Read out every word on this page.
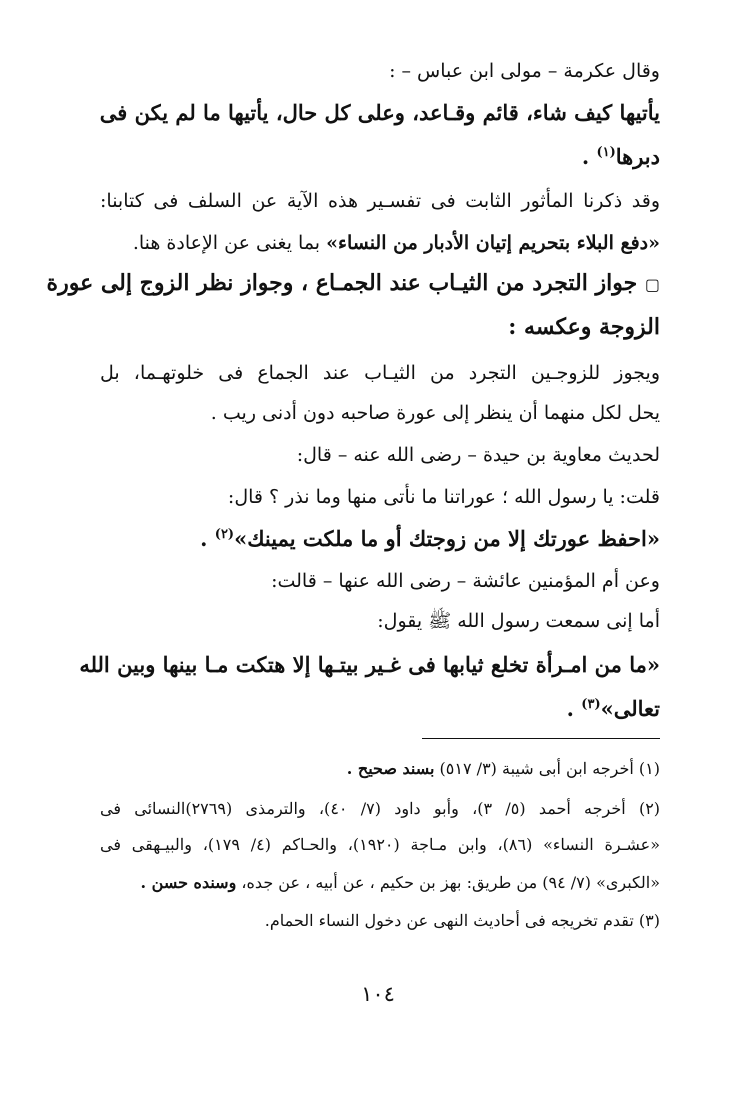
وقال عكرمة – مولى ابن عباس – :
يأتيها كيف شاء، قائم وقـاعد، وعلى كل حال، يأتيها ما لم يكن فى
دبرها$^{(١)}$ .
وقد ذكرنا المأثور الثابت فى تفسـير هذه الآية عن السلف فى كتابنا:
«دفع البلاء بتحريم إتيان الأدبار من النساء» بما يغنى عن الإعادة هنا.
▢ جواز التجرد من الثيـاب عند الجمـاع ، وجواز نظر الزوج إلى عورة
الزوجة وعكسه :
ويجوز للزوجـين التجرد من الثيـاب عند الجماع فى خلوتهـما، بل
يحل لكل منهما أن ينظر إلى عورة صاحبه دون أدنى ريب .
لحديث معاوية بن حيدة – رضى الله عنه – قال:
قلت: يا رسول الله ؛ عوراتنا ما نأتى منها وما نذر ؟ قال:
«احفظ عورتك إلا من زوجتك أو ما ملكت يمينك»$^{(٢)}$ .
وعن أم المؤمنين عائشة – رضى الله عنها – قالت:
أما إنى سمعت رسول الله ﷺ يقول:
«ما من امـرأة تخلع ثيابها فى غـير بيتـها إلا هتكت مـا بينها وبين الله
تعالى»$^{(٣)}$ .
(١) أخرجه ابن أبى شيبة (٣/ ٥١٧) بسند صحيح .
(٢) أخرجه أحمد (٥/ ٣)، وأبو داود (٧/ ٤٠)، والترمذى (٢٧٦٩)النسائى فى
«عشـرة النساء» (٨٦)، وابن مـاجة (١٩٢٠)، والحـاكم (٤/ ١٧٩)، والبيـهقى فى
«الكبرى» (٧/ ٩٤) من طريق: بهز بن حكيم ، عن أبيه ، عن جده، وسنده حسن .
(٣) تقدم تخريجه فى أحاديث النهى عن دخول النساء الحمام.
١٠٤
